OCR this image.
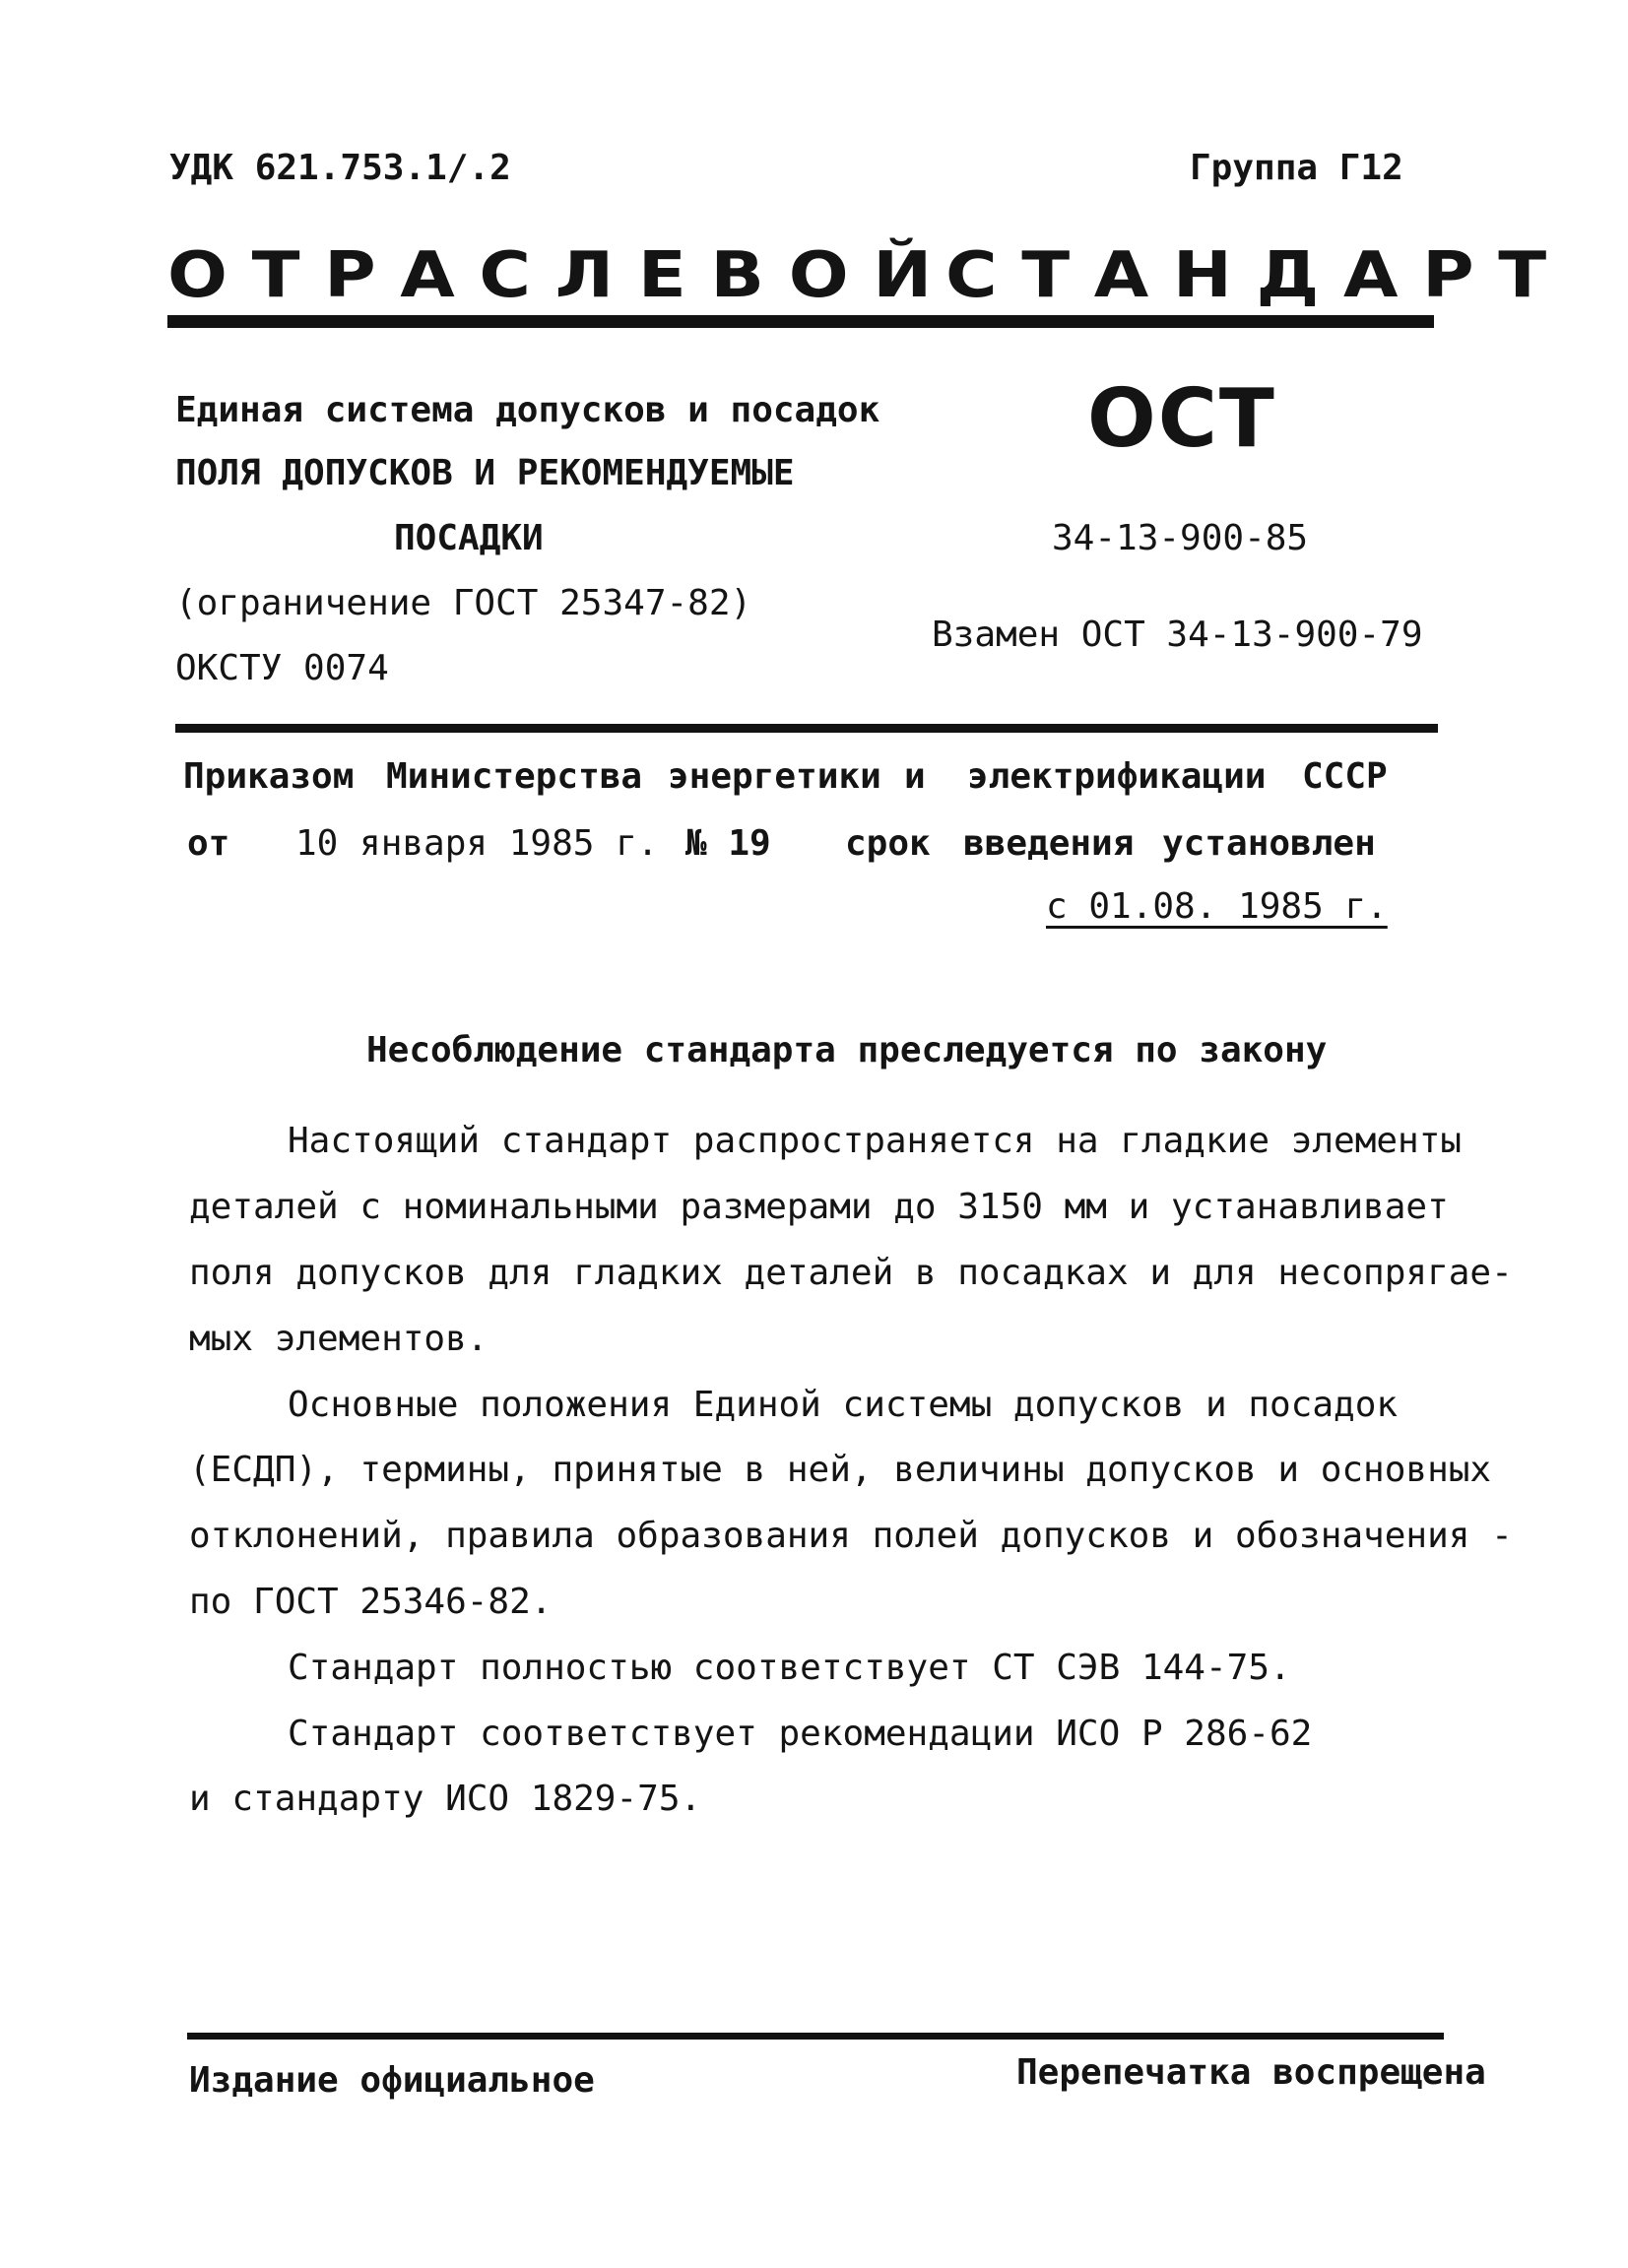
УДК 621.753.1/.2	Группа Г12
ОТРАСЛЕВОЙ
СТАНДАРТ
Единая система допусков и посадок
ПОЛЯ ДОПУСКОВ И РЕКОМЕНДУЕМЫЕ
ПОСАДКИ
(ограничение ГОСТ 25347-82)
ОКСТУ 0074
ОСТ
34-13-900-85
Взамен ОСТ 34-13-900-79
Приказом Министерства энергетики и электрификации СССР
от 10 января 1985 г. № 19 срок введения установлен
с 01.08. 1985 г.
Несоблюдение стандарта преследуется по закону
Настоящий стандарт распространяется на гладкие элементы
деталей с номинальными размерами до 3150 мм и устанавливает
поля допусков для гладких деталей в посадках и для несопрягае-
мых элементов.
Основные положения Единой системы допусков и посадок
(ЕСДП), термины, принятые в ней, величины допусков и основных
отклонений, правила образования полей допусков и обозначения -
по ГОСТ 25346-82.
Стандарт полностью соответствует СТ СЭВ 144-75.
Стандарт соответствует рекомендации ИСО Р 286-62
и стандарту ИСО 1829-75.
Издание официальное	Перепечатка воспрещена
